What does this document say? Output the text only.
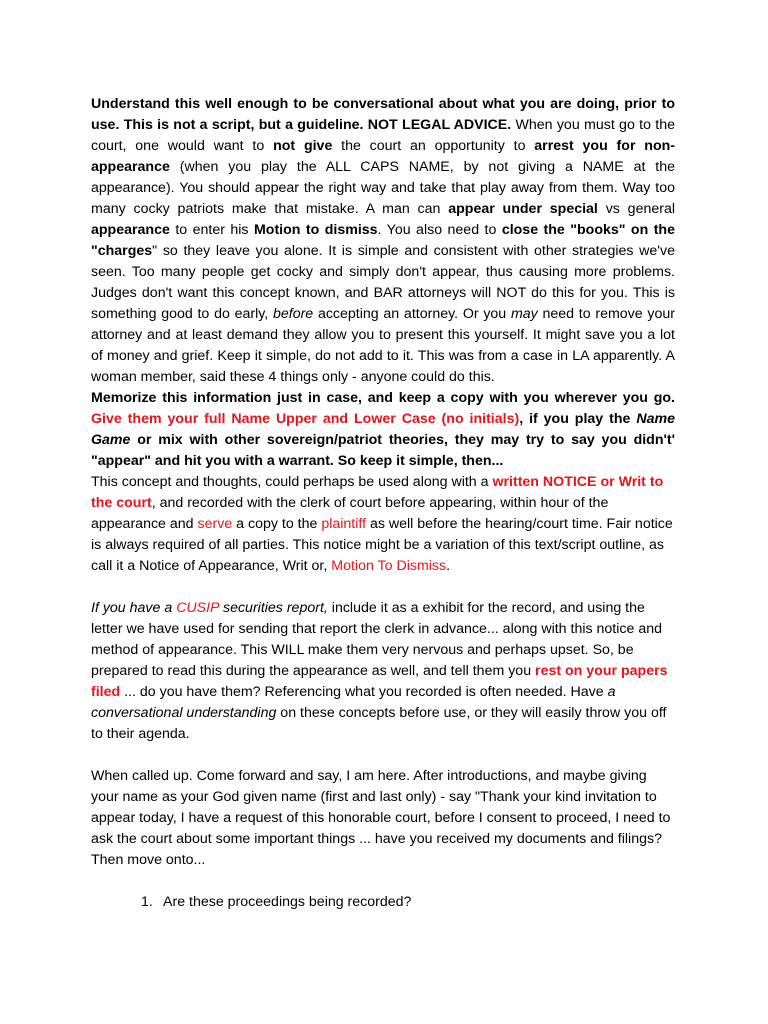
Understand this well enough to be conversational about what you are doing, prior to use. This is not a script, but a guideline. NOT LEGAL ADVICE. When you must go to the court, one would want to not give the court an opportunity to arrest you for non-appearance (when you play the ALL CAPS NAME, by not giving a NAME at the appearance). You should appear the right way and take that play away from them. Way too many cocky patriots make that mistake. A man can appear under special vs general appearance to enter his Motion to dismiss. You also need to close the "books" on the "charges" so they leave you alone. It is simple and consistent with other strategies we've seen. Too many people get cocky and simply don't appear, thus causing more problems. Judges don't want this concept known, and BAR attorneys will NOT do this for you. This is something good to do early, before accepting an attorney. Or you may need to remove your attorney and at least demand they allow you to present this yourself. It might save you a lot of money and grief. Keep it simple, do not add to it. This was from a case in LA apparently. A woman member, said these 4 things only - anyone could do this.

Memorize this information just in case, and keep a copy with you wherever you go. Give them your full Name Upper and Lower Case (no initials), if you play the Name Game or mix with other sovereign/patriot theories, they may try to say you didn't' "appear" and hit you with a warrant. So keep it simple, then...

This concept and thoughts, could perhaps be used along with a written NOTICE or Writ to the court, and recorded with the clerk of court before appearing, within hour of the appearance and serve a copy to the plaintiff as well before the hearing/court time. Fair notice is always required of all parties. This notice might be a variation of this text/script outline, as call it a Notice of Appearance, Writ or, Motion To Dismiss.

If you have a CUSIP securities report, include it as a exhibit for the record, and using the letter we have used for sending that report the clerk in advance... along with this notice and method of appearance. This WILL make them very nervous and perhaps upset. So, be prepared to read this during the appearance as well, and tell them you rest on your papers filed ... do you have them? Referencing what you recorded is often needed. Have a conversational understanding on these concepts before use, or they will easily throw you off to their agenda.

When called up. Come forward and say, I am here. After introductions, and maybe giving your name as your God given name (first and last only) - say "Thank your kind invitation to appear today, I have a request of this honorable court, before I consent to proceed, I need to ask the court about some important things ... have you received my documents and filings? Then move onto...

1. Are these proceedings being recorded?
